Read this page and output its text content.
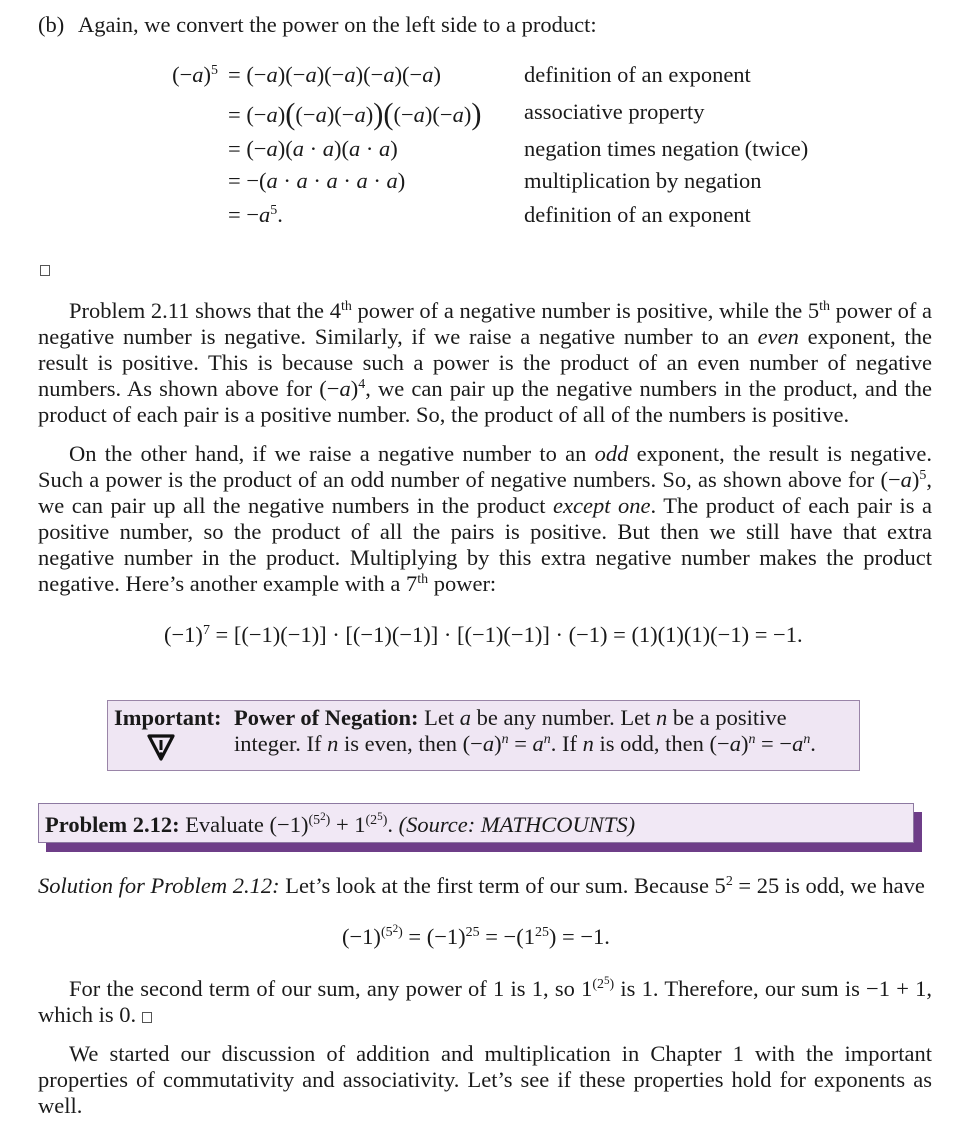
(b) Again, we convert the power on the left side to a product:
$(-a)^5 = (-a)(-a)(-a)(-a)(-a)$	definition of an exponent
= (−a)((−a)(−a))((−a)(−a)) associative property
= (−a)(a · a)(a · a)	negation times negation (twice)
= −(a · a · a · a · a)	multiplication by negation
= $-a^5$.	definition of an exponent

Problem 2.11 shows that the 4th power of a negative number is positive, while the 5th power of a negative number is negative. Similarly, if we raise a negative number to an even exponent, the result is positive. This is because such a power is the product of an even number of negative numbers. As shown above for $(-a)^4$, we can pair up the negative numbers in the product, and the product of each pair is a positive number. So, the product of all of the numbers is positive.

On the other hand, if we raise a negative number to an odd exponent, the result is negative. Such a power is the product of an odd number of negative numbers. So, as shown above for $(-a)^5$, we can pair up all the negative numbers in the product except one. The product of each pair is a positive number, so the product of all the pairs is positive. But then we still have that extra negative number in the product. Multiplying by this extra negative number makes the product negative. Here’s another example with a 7th power:

$(-1)^7 = [(-1)(-1)] \cdot [(-1)(-1)] \cdot [(-1)(-1)] \cdot (-1) = (1)(1)(1)(-1) = -1$.
Important: Power of Negation: Let a be any number. Let n be a positive
integer. If n is even, then $(-a)^n = a^n$. If n is odd, then $(-a)^n = -a^n$.
Problem 2.12: Evaluate $(-1)^{(5^2)} + 1^{(2^5)}$. (Source: MATHCOUNTS)

Solution for Problem 2.12: Let’s look at the first term of our sum. Because $5^2 = 25$ is odd, we have

$(-1)^{(5^2)} = (-1)^{25} = -(1^{25}) = -1$.

For the second term of our sum, any power of 1 is 1, so 1$^{(2^5)}$ is 1. Therefore, our sum is −1 + 1, which is 0.

We started our discussion of addition and multiplication in Chapter 1 with the important properties of commutativity and associativity. Let’s see if these properties hold for exponents as well.
